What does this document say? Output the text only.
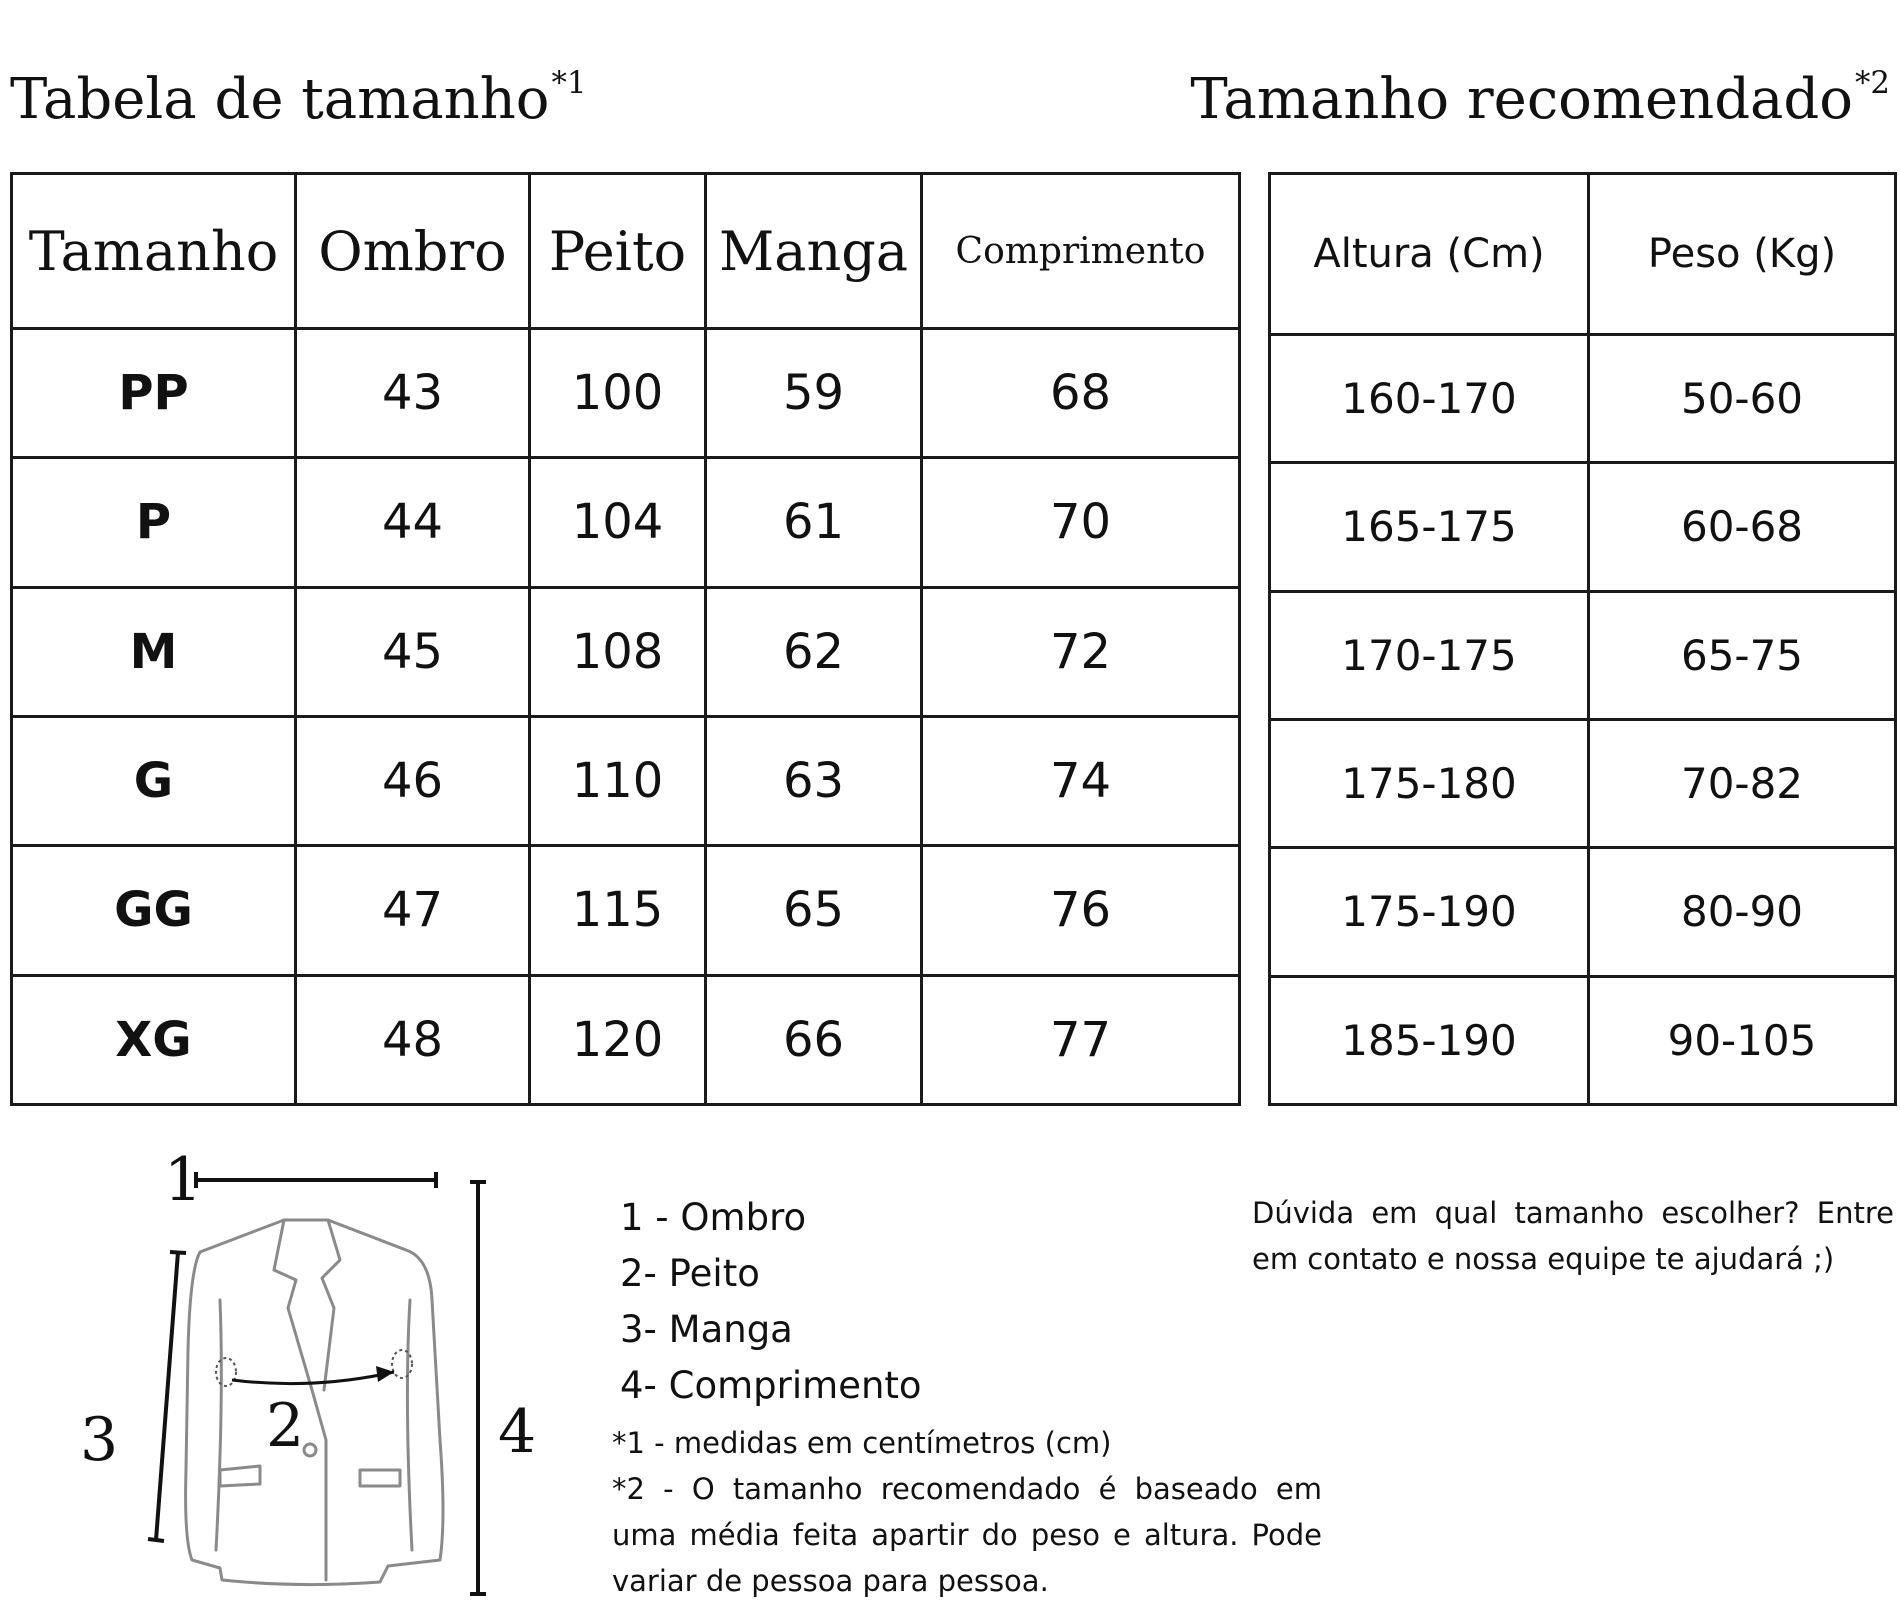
Tabela de tamanho$^{*1}$	Tamanho recomendado$^{*2}$
Tamanho	Ombro	Peito	Manga	Comprimento
PP	43	100	59	68
P	44	104	61	70
M	45	108	62	72
G	46	110	63	74
GG	47	115	65	76
XG	48	120	66	77
Altura (Cm)	Peso (Kg)
160-170	50-60
165-175	60-68
170-175	65-75
175-180	70-82
175-190	80-90
185-190	90-105
1
2
3	4
1 - Ombro
2- Peito
3- Manga
4- Comprimento

*1 - medidas em centímetros (cm)

*2 - O tamanho recomendado é baseado em uma média feita apartir do peso e altura. Pode variar de pessoa para pessoa.

Dúvida em qual tamanho escolher? Entre em contato e nossa equipe te ajudará ;)
